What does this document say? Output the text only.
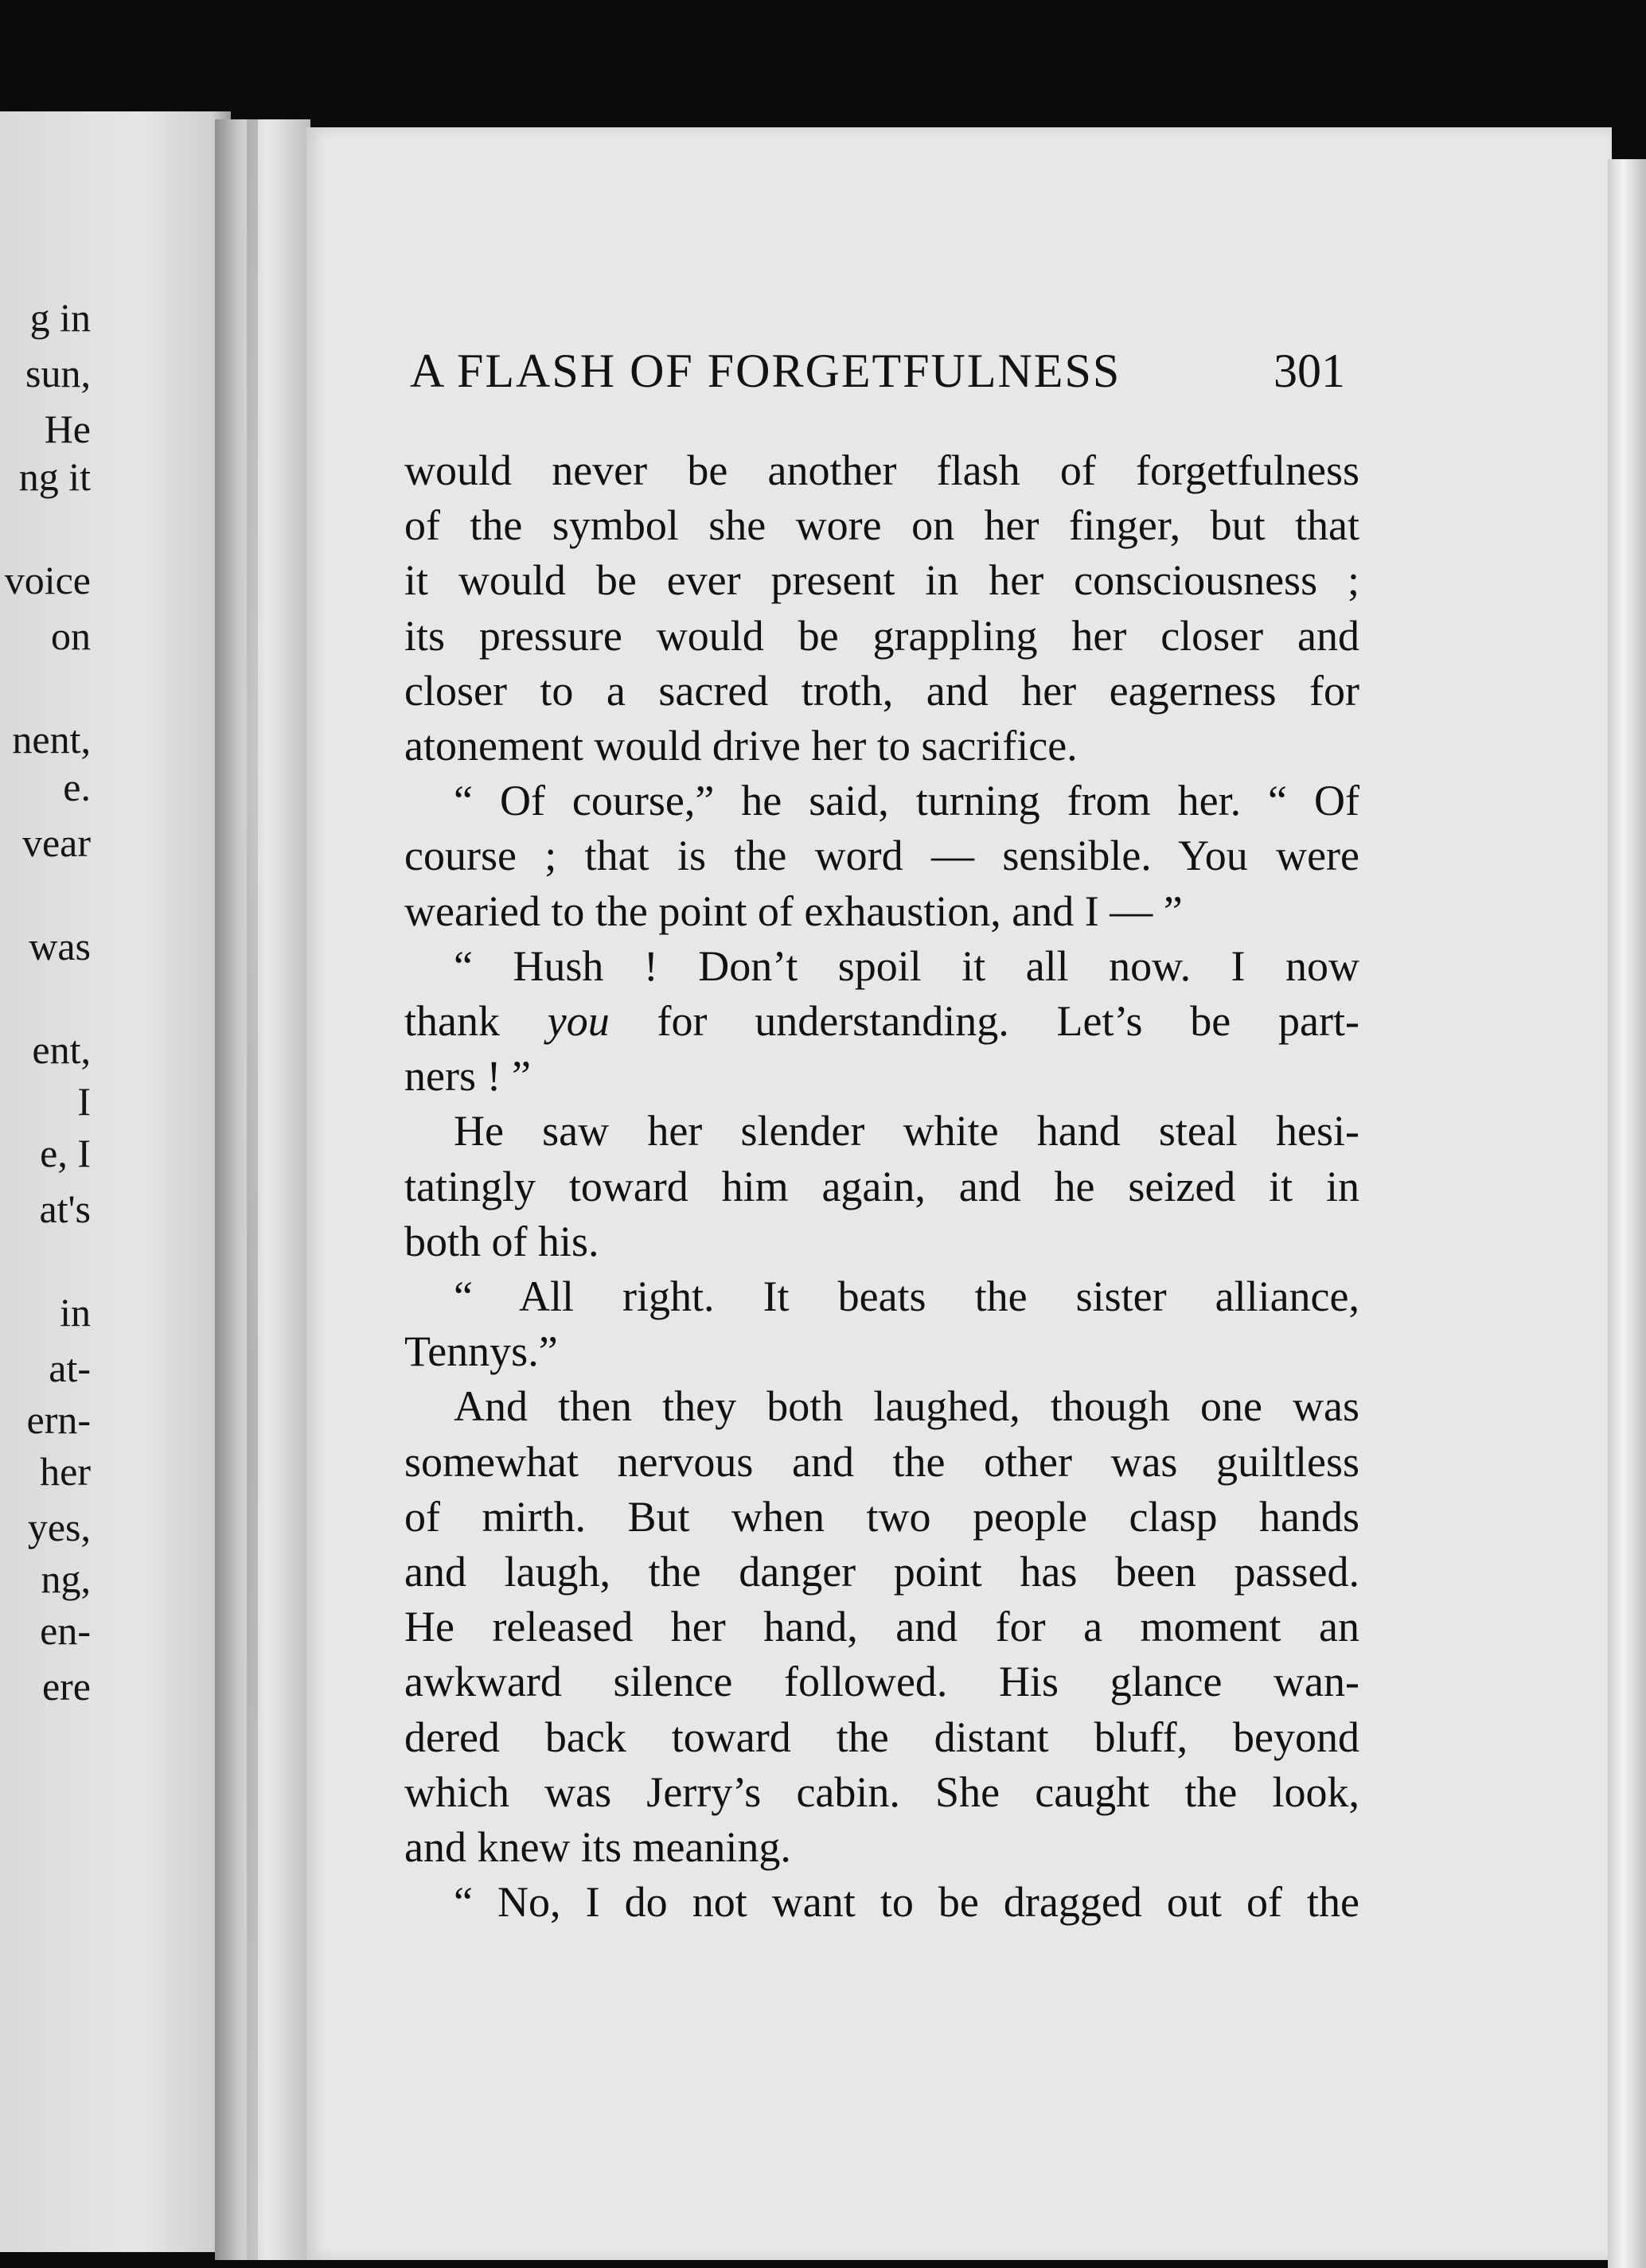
g in
sun,
He
ng it
voice
on
nent,
e.
vear
was
ent,
I
e, I
at's
in
at-
ern-
her
yes,
ng,
en-
ere
A FLASH OF FORGETFULNESS	301
would never be another flash of forgetfulness
of the symbol she wore on her finger, but that
it would be ever present in her consciousness ;
its pressure would be grappling her closer and
closer to a sacred troth, and her eagerness for
atonement would drive her to sacrifice.
“ Of course,” he said, turning from her. “ Of
course ; that is the word — sensible. You were
wearied to the point of exhaustion, and I — ”
“ Hush ! Don’t spoil it all now. I now
thank you for understanding. Let’s be part-
ners ! ”
He saw her slender white hand steal hesi-
tatingly toward him again, and he seized it in
both of his.
“ All right. It beats the sister alliance,
Tennys.”
And then they both laughed, though one was
somewhat nervous and the other was guiltless
of mirth. But when two people clasp hands
and laugh, the danger point has been passed.
He released her hand, and for a moment an
awkward silence followed. His glance wan-
dered back toward the distant bluff, beyond
which was Jerry’s cabin. She caught the look,
and knew its meaning.
“ No, I do not want to be dragged out of the
